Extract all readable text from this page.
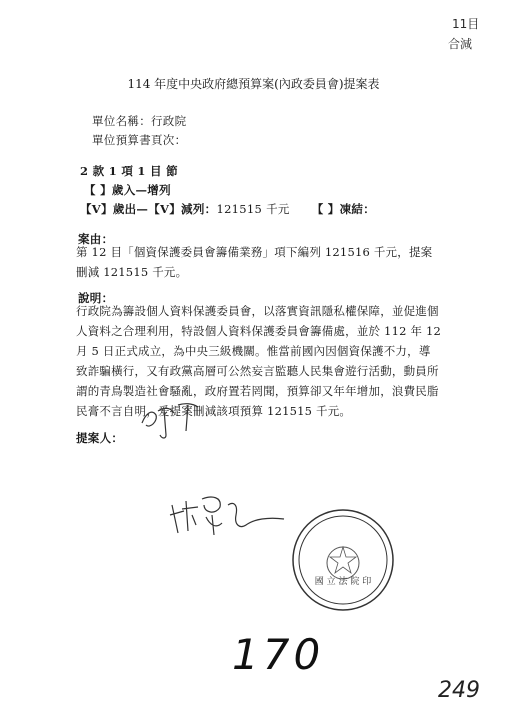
11目
合減
114 年度中央政府總預算案(內政委員會)提案表
單位名稱：行政院
單位預算書頁次：
2 款 1 項 1 目 節
【 】歲入—增列
【V】歲出—【V】減列：121515 千元 【 】凍結：
案由：
第 12 目「個資保護委員會籌備業務」項下編列 121516 千元，提案刪減 121515 千元。
說明：
行政院為籌設個人資料保護委員會，以落實資訊隱私權保障，並促進個人資料之合理利用，特設個人資料保護委員會籌備處，並於 112 年 12 月 5 日正式成立，為中央三級機關。惟當前國內因個資保護不力，導致詐騙橫行，又有政黨高層可公然妄言監聽人民集會遊行活動，動員所謂的青鳥製造社會騷亂，政府置若罔聞，預算卻又年年增加，浪費民脂民膏不言自明，爰提案刪減該項預算 121515 千元。
提案人：
國 立 法 院 印
170
249
